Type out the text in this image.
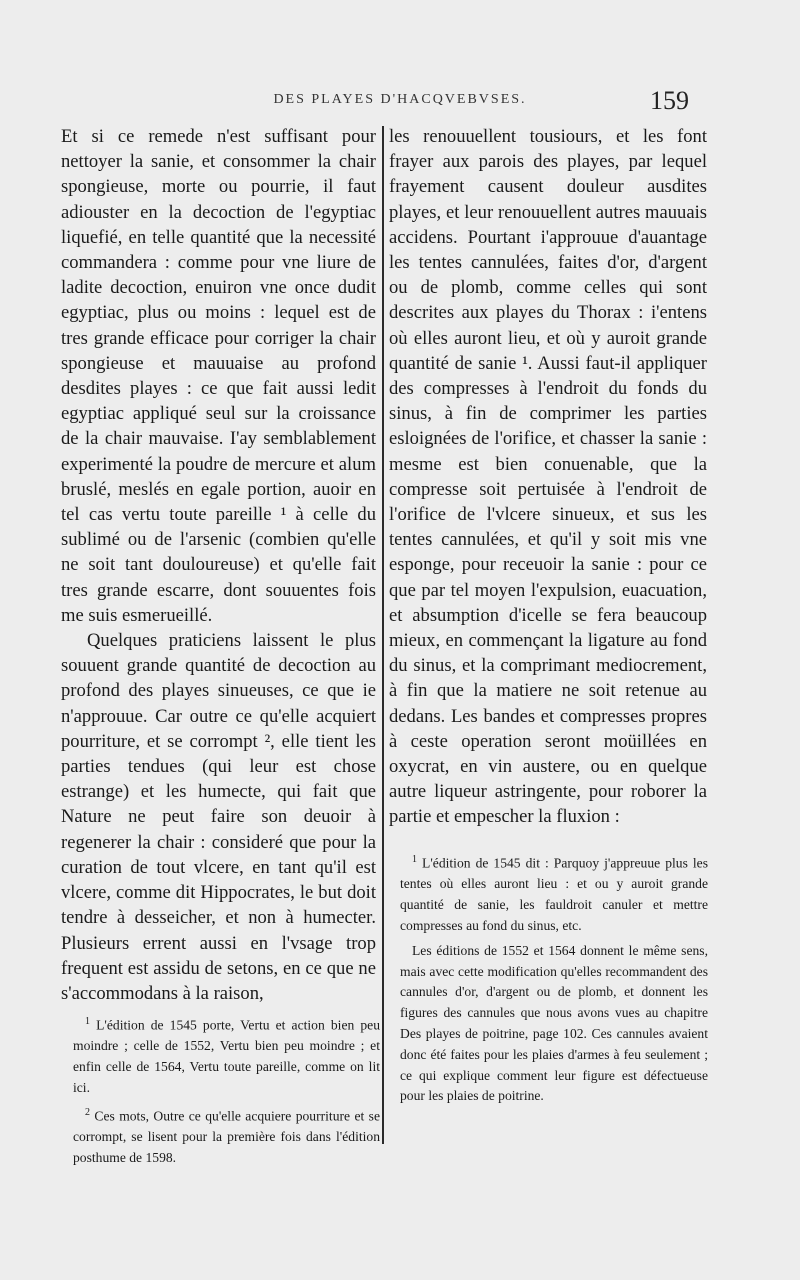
DES PLAYES D'HACQVEBVSES.	159

Et si ce remede n'est suffisant pour nettoyer la sanie, et consommer la chair spongieuse, morte ou pourrie, il faut adiouster en la decoction de l'egyptiac liquefié, en telle quantité que la necessité commandera : comme pour vne liure de ladite decoction, enuiron vne once dudit egyptiac, plus ou moins : lequel est de tres grande efficace pour corriger la chair spongieuse et mauuaise au profond desdites playes : ce que fait aussi ledit egyptiac appliqué seul sur la croissance de la chair mauvaise. I'ay semblablement experimenté la poudre de mercure et alum bruslé, meslés en egale portion, auoir en tel cas vertu toute pareille ¹ à celle du sublimé ou de l'arsenic (combien qu'elle ne soit tant douloureuse) et qu'elle fait tres grande escarre, dont souuentes fois me suis esmerueillé.

Quelques praticiens laissent le plus souuent grande quantité de decoction au profond des playes sinueuses, ce que ie n'approuue. Car outre ce qu'elle acquiert pourriture, et se corrompt ², elle tient les parties tendues (qui leur est chose estrange) et les humecte, qui fait que Nature ne peut faire son deuoir à regenerer la chair : consideré que pour la curation de tout vlcere, en tant qu'il est vlcere, comme dit Hippocrates, le but doit tendre à desseicher, et non à humecter. Plusieurs errent aussi en l'vsage trop frequent est assidu de setons, en ce que ne s'accommodans à la raison,

les renouuellent tousiours, et les font frayer aux parois des playes, par lequel frayement causent douleur ausdites playes, et leur renouuellent autres mauuais accidens. Pourtant i'approuue d'auantage les tentes cannulées, faites d'or, d'argent ou de plomb, comme celles qui sont descrites aux playes du Thorax : i'entens où elles auront lieu, et où y auroit grande quantité de sanie ¹. Aussi faut-il appliquer des compresses à l'endroit du fonds du sinus, à fin de comprimer les parties esloignées de l'orifice, et chasser la sanie : mesme est bien conuenable, que la compresse soit pertuisée à l'endroit de l'orifice de l'vlcere sinueux, et sus les tentes cannulées, et qu'il y soit mis vne esponge, pour receuoir la sanie : pour ce que par tel moyen l'expulsion, euacuation, et absumption d'icelle se fera beaucoup mieux, en commençant la ligature au fond du sinus, et la comprimant mediocrement, à fin que la matiere ne soit retenue au dedans. Les bandes et compresses propres à ceste operation seront moüillées en oxycrat, en vin austere, ou en quelque autre liqueur astringente, pour roborer la partie et empescher la fluxion :

$^1$ L'édition de 1545 porte, Vertu et action bien peu moindre ; celle de 1552, Vertu bien peu moindre ; et enfin celle de 1564, Vertu toute pareille, comme on lit ici.

$^2$ Ces mots, Outre ce qu'elle acquiere pourriture et se corrompt, se lisent pour la première fois dans l'édition posthume de 1598.

$^1$ L'édition de 1545 dit : Parquoy j'appreuue plus les tentes où elles auront lieu : et ou y auroit grande quantité de sanie, les fauldroit canuler et mettre compresses au fond du sinus, etc.

Les éditions de 1552 et 1564 donnent le même sens, mais avec cette modification qu'elles recommandent des cannules d'or, d'argent ou de plomb, et donnent les figures des cannules que nous avons vues au chapitre Des playes de poitrine, page 102. Ces cannules avaient donc été faites pour les plaies d'armes à feu seulement ; ce qui explique comment leur figure est défectueuse pour les plaies de poitrine.
